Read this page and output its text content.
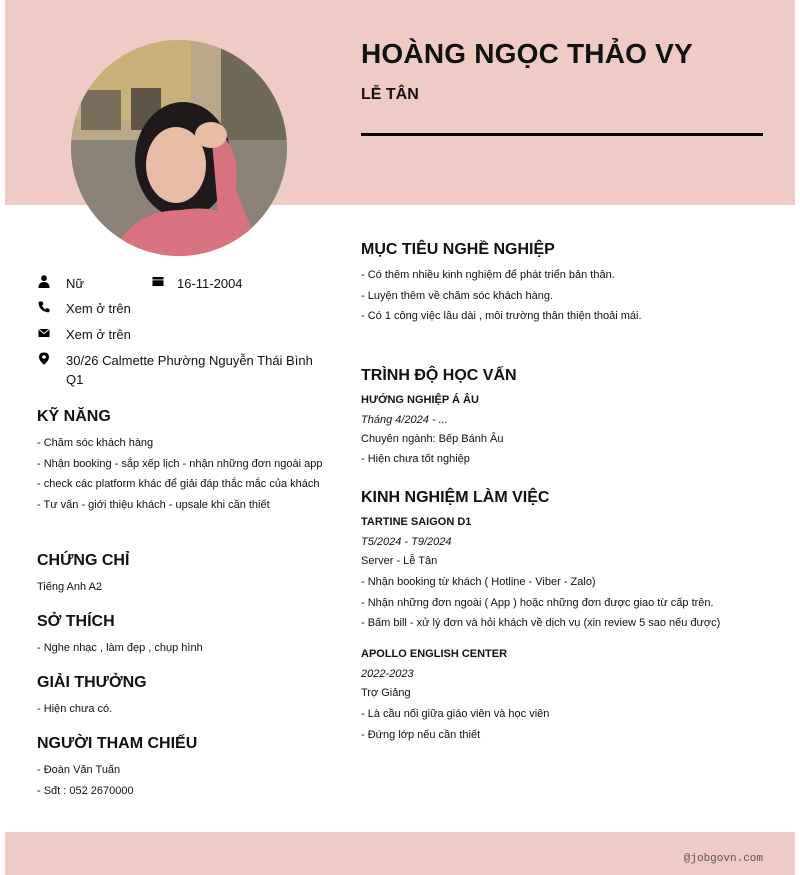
HOÀNG NGỌC THẢO VY
LỄ TÂN
Nữ	16-11-2004
Xem ở trên
Xem ở trên
30/26 Calmette Phường Nguyễn Thái Bình Q1
KỸ NĂNG
- Chăm sóc khách hàng
- Nhận booking - sắp xếp lịch - nhận những đơn ngoài app
- check các platform khác để giải đáp thắc mắc của khách
- Tư vấn - giới thiệu khách - upsale khi cần thiết
CHỨNG CHỈ
Tiếng Anh A2
SỞ THÍCH
- Nghe nhạc , làm đẹp , chụp hình
GIẢI THƯỞNG
- Hiện chưa có.
NGƯỜI THAM CHIẾU
- Đoàn Văn Tuấn
- Sđt : 052 2670000
MỤC TIÊU NGHỀ NGHIỆP
- Có thêm nhiều kinh nghiệm để phát triển bản thân.
- Luyện thêm về chăm sóc khách hàng.
- Có 1 công việc lâu dài , môi trường thân thiện thoải mái.
TRÌNH ĐỘ HỌC VẤN
HƯỚNG NGHIỆP Á ÂU
Tháng 4/2024 - ...
Chuyên ngành: Bếp Bánh Âu
- Hiện chưa tốt nghiệp
KINH NGHIỆM LÀM VIỆC
TARTINE SAIGON D1
T5/2024 - T9/2024
Server - Lễ Tân
- Nhận booking từ khách ( Hotline - Viber - Zalo)
- Nhận những đơn ngoài ( App ) hoặc những đơn được giao từ cấp trên.
- Bấm bill - xử lý đơn và hỏi khách về dịch vụ (xin review 5 sao nếu được)
APOLLO ENGLISH CENTER
2022-2023
Trợ Giảng
- Là cầu nối giữa giáo viên và học viên
- Đứng lớp nếu cần thiết
@jobgovn.com
